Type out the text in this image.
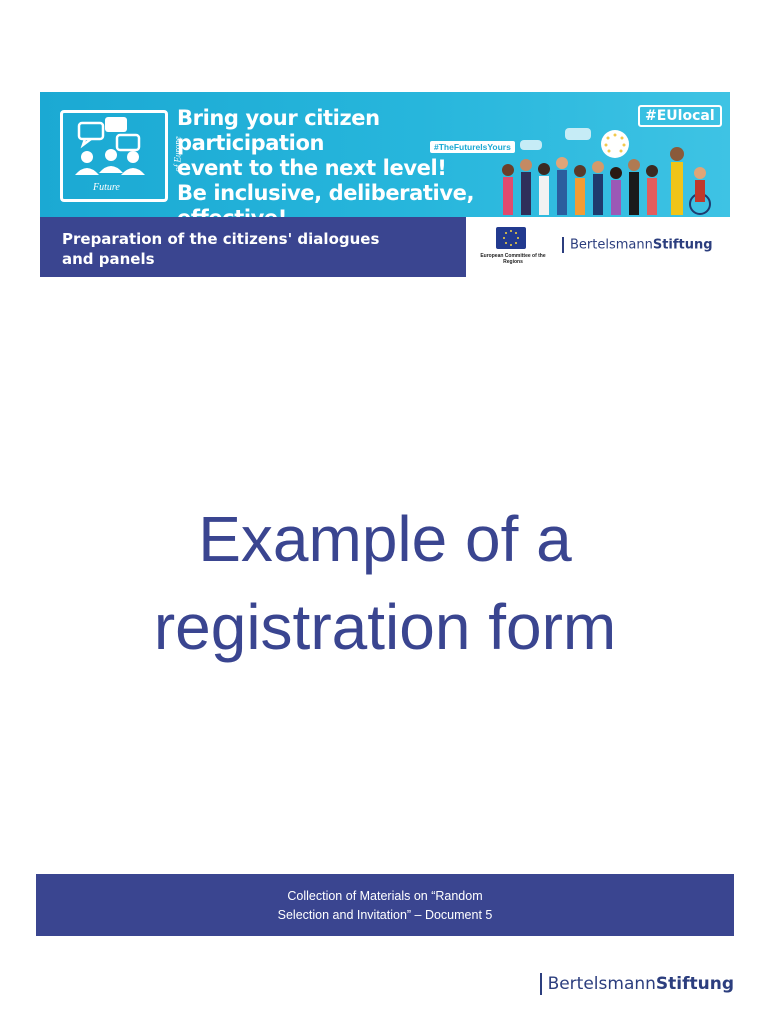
Future
of Europe
Bring your citizen participation
event to the next level!
Be inclusive, deliberative,
#TheFutureIsYours
#EUlocal
Preparation of the citizens' dialogues
and panels	European Committee of the Regions
BertelsmannStiftung
Example of a
registration form
Collection of Materials on “Random
Selection and Invitation” – Document 5
BertelsmannStiftung
